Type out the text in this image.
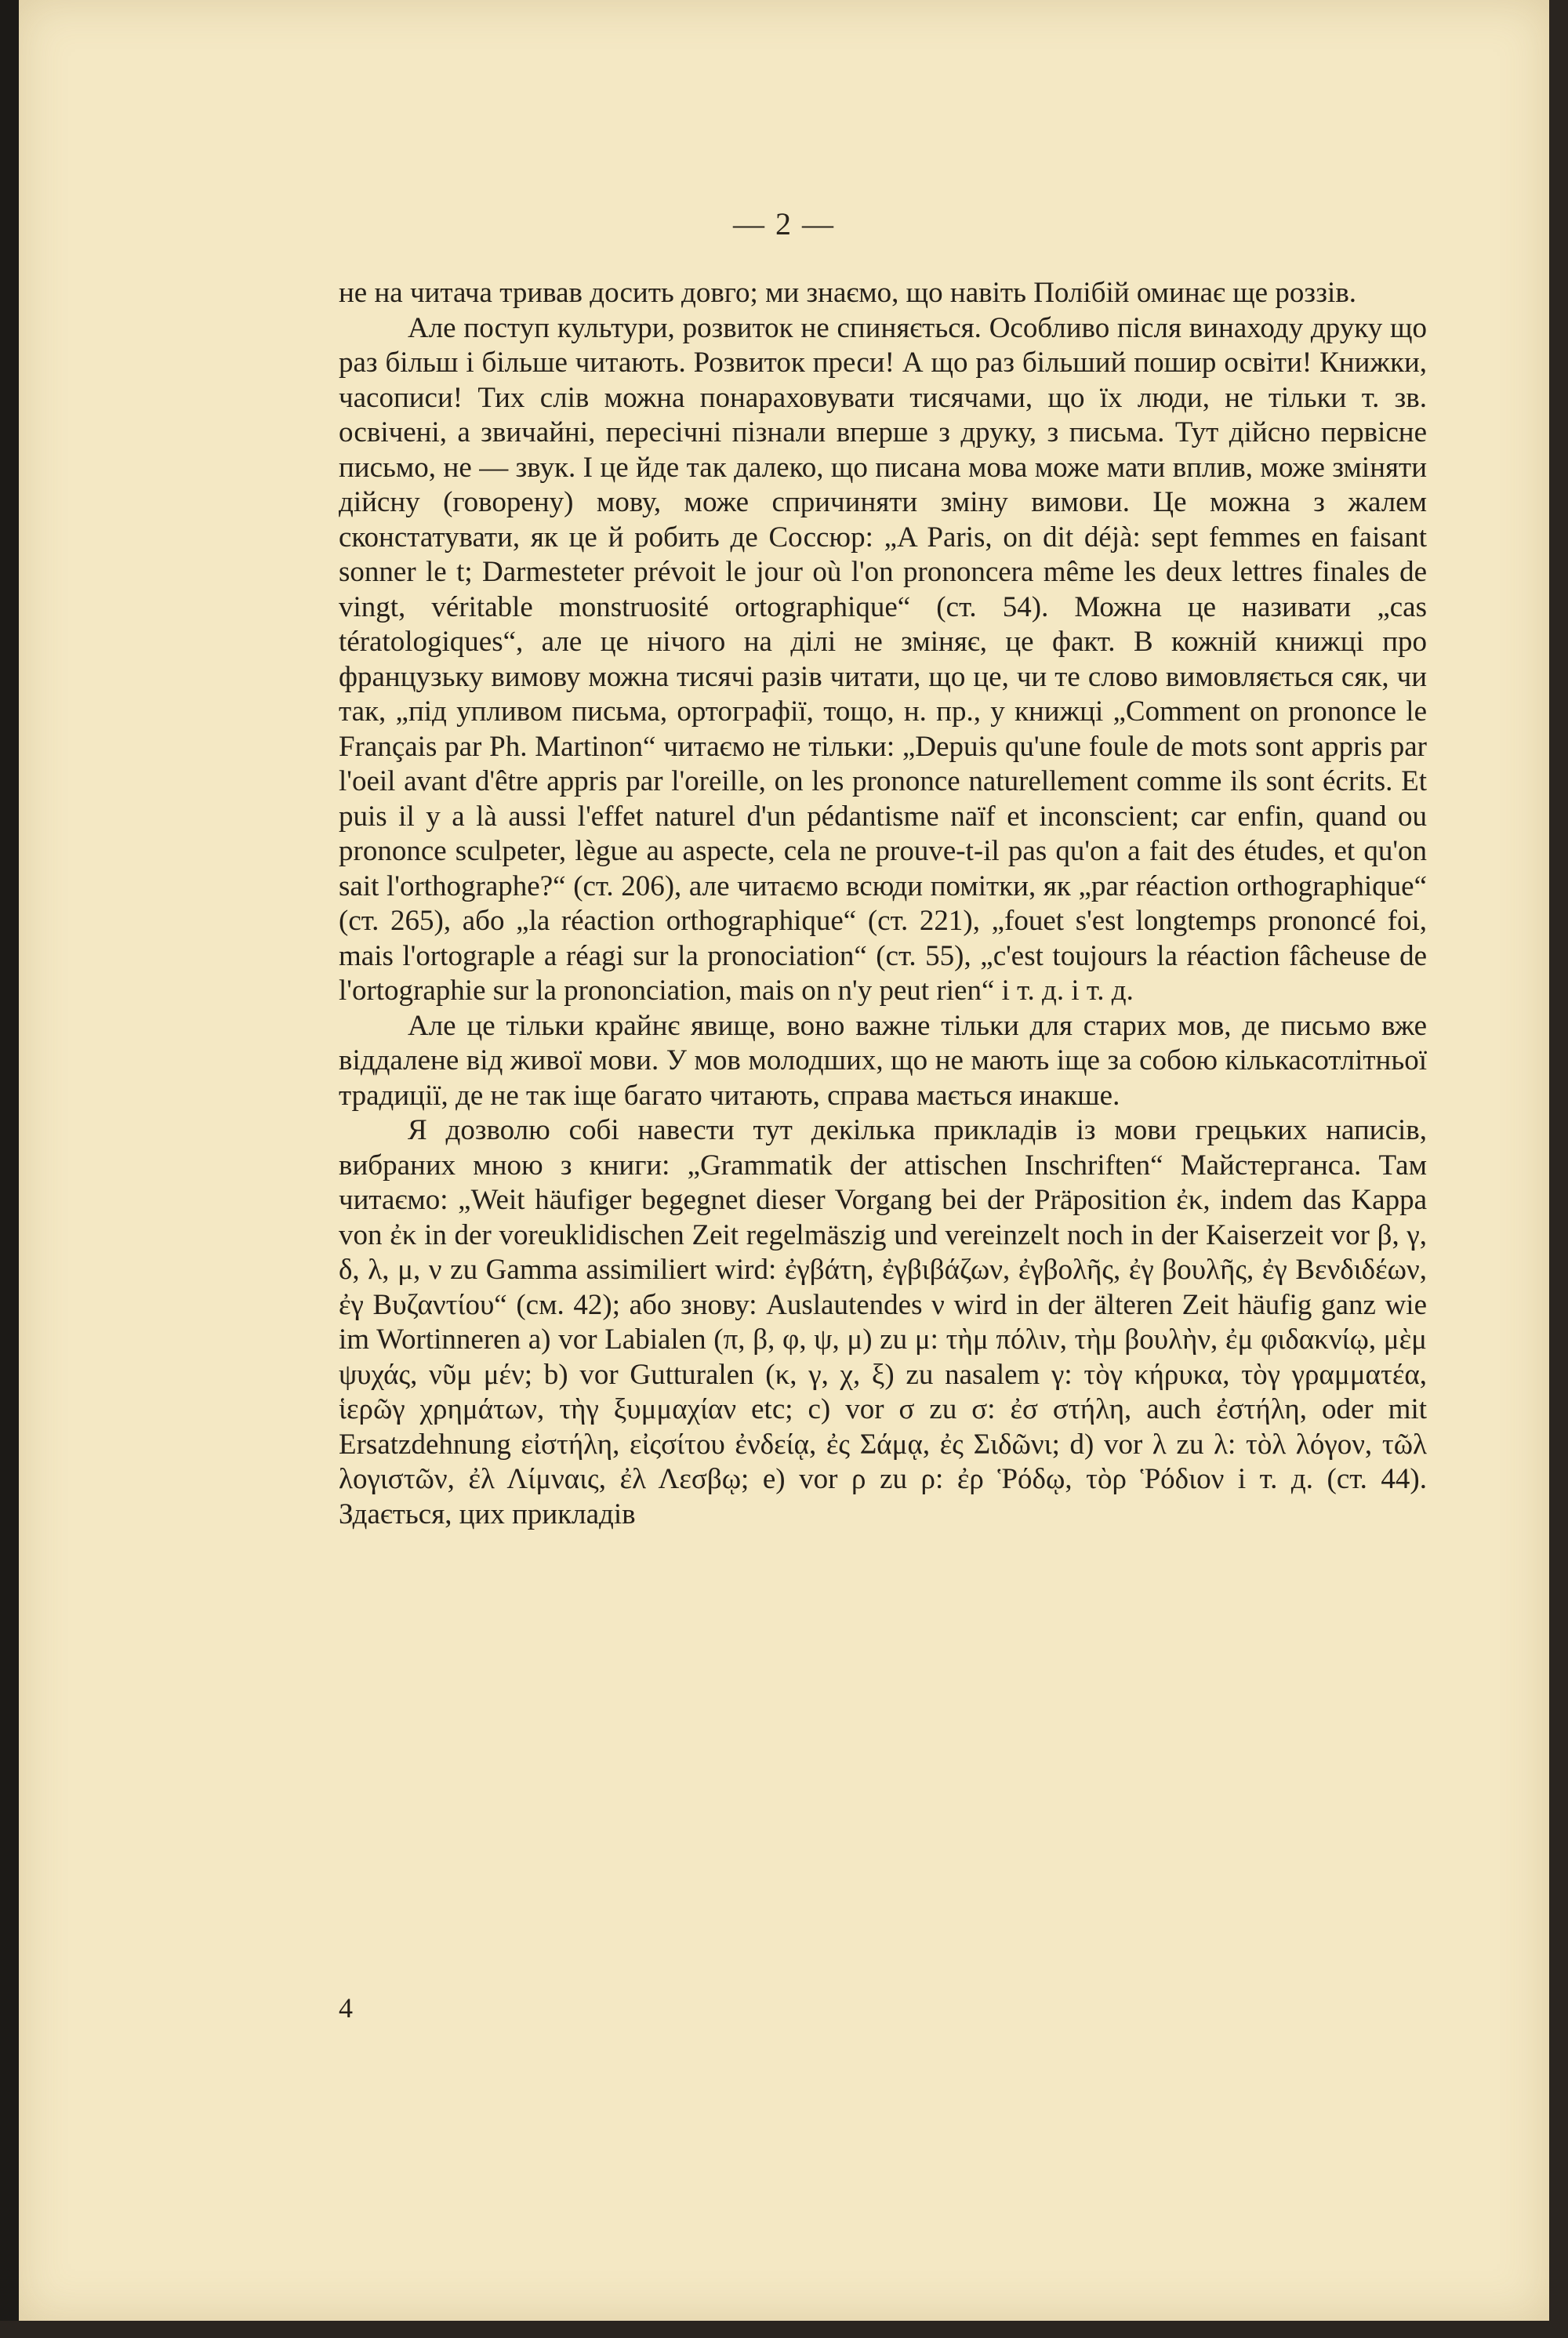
— 2 —

не на читача тривав досить довго; ми знаємо, що навіть Полібій оминає ще роззів.

Але поступ культури, розвиток не спиняється. Особливо після винаходу друку що раз більш і більше читають. Розвиток преси! А що раз більший пошир освіти! Книжки, часописи! Тих слів можна понараховувати тисячами, що їх люди, не тільки т. зв. освічені, а звичайні, пересічні пізнали вперше з друку, з письма. Тут дійсно первісне письмо, не — звук. І це йде так далеко, що писана мова може мати вплив, може зміняти дійсну (говорену) мову, може спричиняти зміну вимови. Це можна з жалем сконстатувати, як це й робить де Соссюр: „A Paris, on dit déjà: sept femmes en faisant sonner le t; Darmesteter prévoit le jour où l'on prononcera même les deux lettres finales de vingt, véritable monstruosité ortographique“ (ст. 54). Можна це називати „cas tératologiques“, але це нічого на ділі не зміняє, це факт. В кожній книжці про французьку вимову можна тисячі разів читати, що це, чи те слово вимовляється сяк, чи так, „під упливом письма, ортографії, тощо, н. пр., у книжці „Comment on prononce le Français par Ph. Martinon“ читаємо не тільки: „Depuis qu'une foule de mots sont appris par l'oeil avant d'être appris par l'oreille, on les prononce naturellement comme ils sont écrits. Et puis il y a là aussi l'effet naturel d'un pédantisme naïf et inconscient; car enfin, quand ou prononce sculpeter, lègue au aspecte, cela ne prouve-t-il pas qu'on a fait des études, et qu'on sait l'orthographe?“ (ст. 206), але читаємо всюди помітки, як „par réaction orthographique“ (ст. 265), або „la réaction orthographique“ (ст. 221), „fouet s'est longtemps prononcé foi, mais l'ortograple a réagi sur la pronociation“ (ст. 55), „c'est toujours la réaction fâcheuse de l'ortographie sur la prononciation, mais on n'y peut rien“ і т. д. і т. д.

Але це тільки крайнє явище, воно важне тільки для старих мов, де письмо вже віддалене від живої мови. У мов молодших, що не мають іще за собою кількасотлітньої традиції, де не так іще багато читають, справа мається инакше.

Я дозволю собі навести тут декілька прикладів із мови грецьких написів, вибраних мною з книги: „Grammatik der attischen Inschriften“ Майстерганса. Там читаємо: „Weit häufiger begegnet dieser Vorgang bei der Präposition ἐκ, indem das Kappa von ἐκ in der voreuklidischen Zeit regelmäszig und vereinzelt noch in der Kaiserzeit vor β, γ, δ, λ, μ, ν zu Gamma assimiliert wird: ἐγβάτη, ἐγβιβάζων, ἐγβολῆς, ἐγ βουλῆς, ἐγ Βενδιδέων, ἐγ Βυζαντίου“ (см. 42); або знову: Auslautendes ν wird in der älteren Zeit häufig ganz wie im Wortinneren a) vor Labialen (π, β, φ, ψ, μ) zu μ: τὴμ πόλιν, τὴμ βουλὴν, ἐμ φιδακνίῳ, μὲμ ψυχάς, νῦμ μέν; b) vor Gutturalen (κ, γ, χ, ξ) zu nasalem γ: τὸγ κήρυκα, τὸγ γραμματέα, ἱερῶγ χρημάτων, τὴγ ξυμμαχίαν etc; c) vor σ zu σ: ἐσ στήλη, auch ἐστήλη, oder mit Ersatzdehnung εἰστήλη, εἰςσίτου ἐνδείᾳ, ἐς Σάμᾳ, ἐς Σιδῶνι; d) vor λ zu λ: τὸλ λόγον, τῶλ λογιστῶν, ἐλ Λίμναις, ἐλ Λεσβῳ; e) vor ρ zu ρ: ἐρ Ῥόδῳ, τὸρ Ῥόδιον і т. д. (ст. 44). Здається, цих прикладів

4
